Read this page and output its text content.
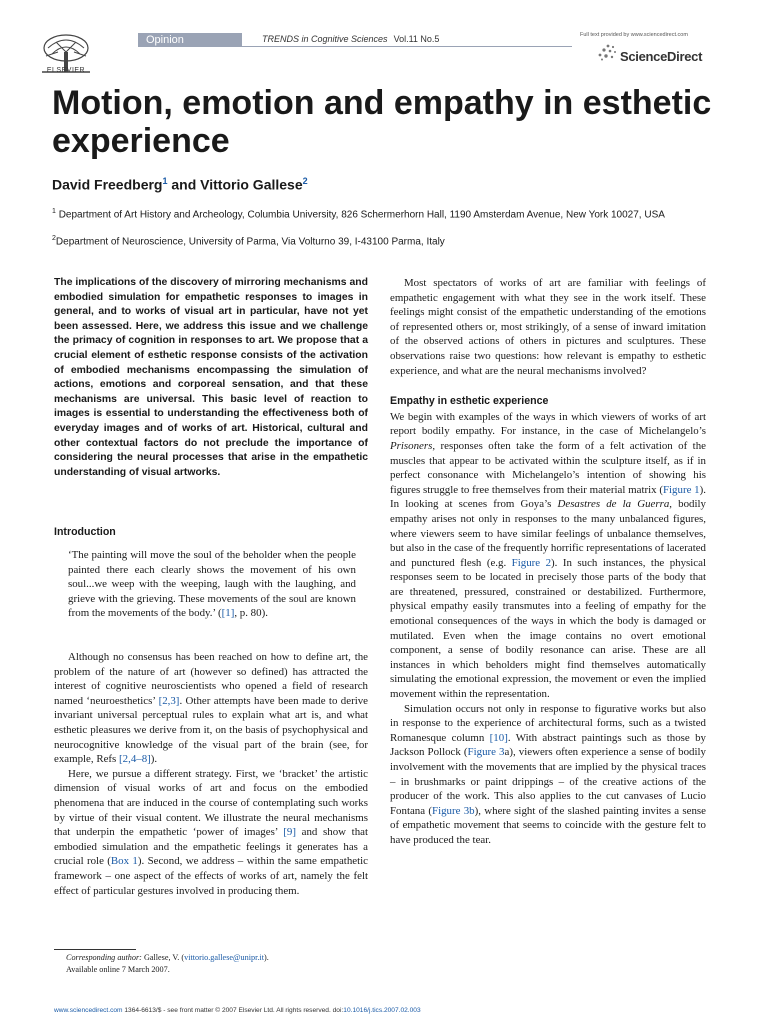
ELSEVIER
Opinion	TRENDS in Cognitive Sciences Vol.11 No.5	Full text provided by www.sciencedirect.com
ScienceDirect
Motion, emotion and empathy in esthetic experience
David Freedberg$^1$ and Vittorio Gallese$^2$
$^1$ Department of Art History and Archeology, Columbia University, 826 Schermerhorn Hall, 1190 Amsterdam Avenue, New York 10027, USA
$^2$Department of Neuroscience, University of Parma, Via Volturno 39, I-43100 Parma, Italy

The implications of the discovery of mirroring mechanisms and embodied simulation for empathetic responses to images in general, and to works of visual art in particular, have not yet been assessed. Here, we address this issue and we challenge the primacy of cognition in responses to art. We propose that a crucial element of esthetic response consists of the activation of embodied mechanisms encompassing the simulation of actions, emotions and corporeal sensation, and that these mechanisms are universal. This basic level of reaction to images is essential to understanding the effectiveness both of everyday images and of works of art. Historical, cultural and other contextual factors do not preclude the importance of considering the neural processes that arise in the empathetic understanding of visual artworks.

Introduction

‘The painting will move the soul of the beholder when the people painted there each clearly shows the movement of his own soul...we weep with the weeping, laugh with the laughing, and grieve with the grieving. These movements of the soul are known from the movements of the body.’ ([1], p. 80).

Although no consensus has been reached on how to define art, the problem of the nature of art (however so defined) has attracted the interest of cognitive neuroscientists who opened a field of research named ‘neuroesthetics’ [2,3]. Other attempts have been made to derive invariant universal perceptual rules to explain what art is, and what esthetic pleasures we derive from it, on the basis of psychophysical and neurocognitive knowledge of the visual part of the brain (see, for example, Refs [2,4–8]).

Here, we pursue a different strategy. First, we ‘bracket’ the artistic dimension of visual works of art and focus on the embodied phenomena that are induced in the course of contemplating such works by virtue of their visual content. We illustrate the neural mechanisms that underpin the empathetic ‘power of images’ [9] and show that embodied simulation and the empathetic feelings it generates has a crucial role (Box 1). Second, we address – within the same empathetic framework – one aspect of the effects of works of art, namely the felt effect of particular gestures involved in producing them.

Corresponding author: Gallese, V. (vittorio.gallese@unipr.it).
Available online 7 March 2007.

Most spectators of works of art are familiar with feelings of empathetic engagement with what they see in the work itself. These feelings might consist of the empathetic understanding of the emotions of represented others or, most strikingly, of a sense of inward imitation of the observed actions of others in pictures and sculptures. These observations raise two questions: how relevant is empathy to esthetic experience, and what are the neural mechanisms involved?

Empathy in esthetic experience

We begin with examples of the ways in which viewers of works of art report bodily empathy. For instance, in the case of Michelangelo’s Prisoners, responses often take the form of a felt activation of the muscles that appear to be activated within the sculpture itself, as if in perfect consonance with Michelangelo’s intention of showing his figures struggle to free themselves from their material matrix (Figure 1). In looking at scenes from Goya’s Desastres de la Guerra, bodily empathy arises not only in responses to the many unbalanced figures, where viewers seem to have similar feelings of unbalance themselves, but also in the case of the frequently horrific representations of lacerated and punctured flesh (e.g. Figure 2). In such instances, the physical responses seem to be located in precisely those parts of the body that are threatened, pressured, constrained or destabilized. Furthermore, physical empathy easily transmutes into a feeling of empathy for the emotional consequences of the ways in which the body is damaged or mutilated. Even when the image contains no overt emotional component, a sense of bodily resonance can arise. These are all instances in which beholders might find themselves automatically simulating the emotional expression, the movement or even the implied movement within the representation.

Simulation occurs not only in response to figurative works but also in response to the experience of architectural forms, such as a twisted Romanesque column [10]. With abstract paintings such as those by Jackson Pollock (Figure 3a), viewers often experience a sense of bodily involvement with the movements that are implied by the physical traces – in brushmarks or paint drippings – of the creative actions of the producer of the work. This also applies to the cut canvases of Lucio Fontana (Figure 3b), where sight of the slashed painting invites a sense of empathetic movement that seems to coincide with the gesture felt to have produced the tear.

www.sciencedirect.com 1364-6613/$ - see front matter © 2007 Elsevier Ltd. All rights reserved. doi:10.1016/j.tics.2007.02.003
